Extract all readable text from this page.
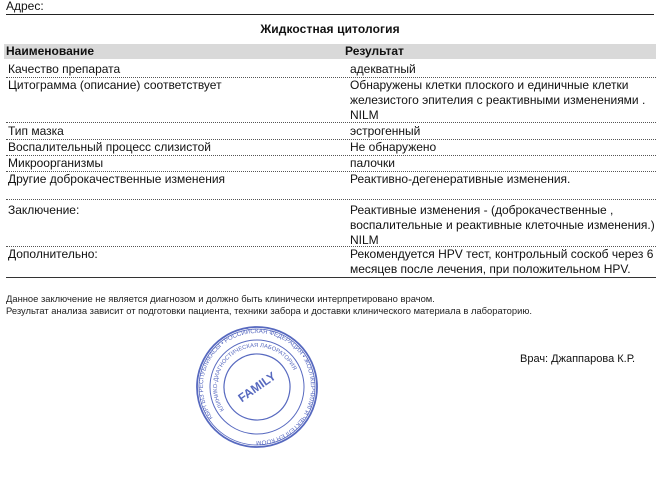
Адрес:
Жидкостная цитология
Наименование	Результат
Качество препарата	адекватный
Цитограмма (описание) соответствует	Обнаружены клетки плоского и единичные клетки железистого эпителия с реактивными изменениями . NILM
Тип мазка	эстрогенный
Воспалительный процесс слизистой	Не обнаружено
Микроорганизмы	палочки
Другие доброкачественные изменения	Реактивно-дегенеративные изменения.
Заключение:	Реактивные изменения - (доброкачественные , воспалительные и реактивные клеточные изменения.) NILM
Дополнительно:	Рекомендуется HPV тест, контрольный соскоб через 6 месяцев после лечения, при положительном HPV.
Данное заключение не является диагнозом и должно быть клинически интерпретировано врачом.
Результат анализа зависит от подготовки пациента, техники забора и доставки клинического материала в лабораторию.
КЫРГЫЗ РЕСПУБЛИКАСЫ • РОССИЙСКАЯ ФЕДЕРАЦИЯ • ЖООПКЕРЧИЛИГИ ЧЕКТЕЛГЕН КООМ
КЛИНИКО-ДИАГНОСТИЧЕСКАЯ ЛАБОРАТОРИЯ
FAMILY
Врач: Джаппарова К.Р.
